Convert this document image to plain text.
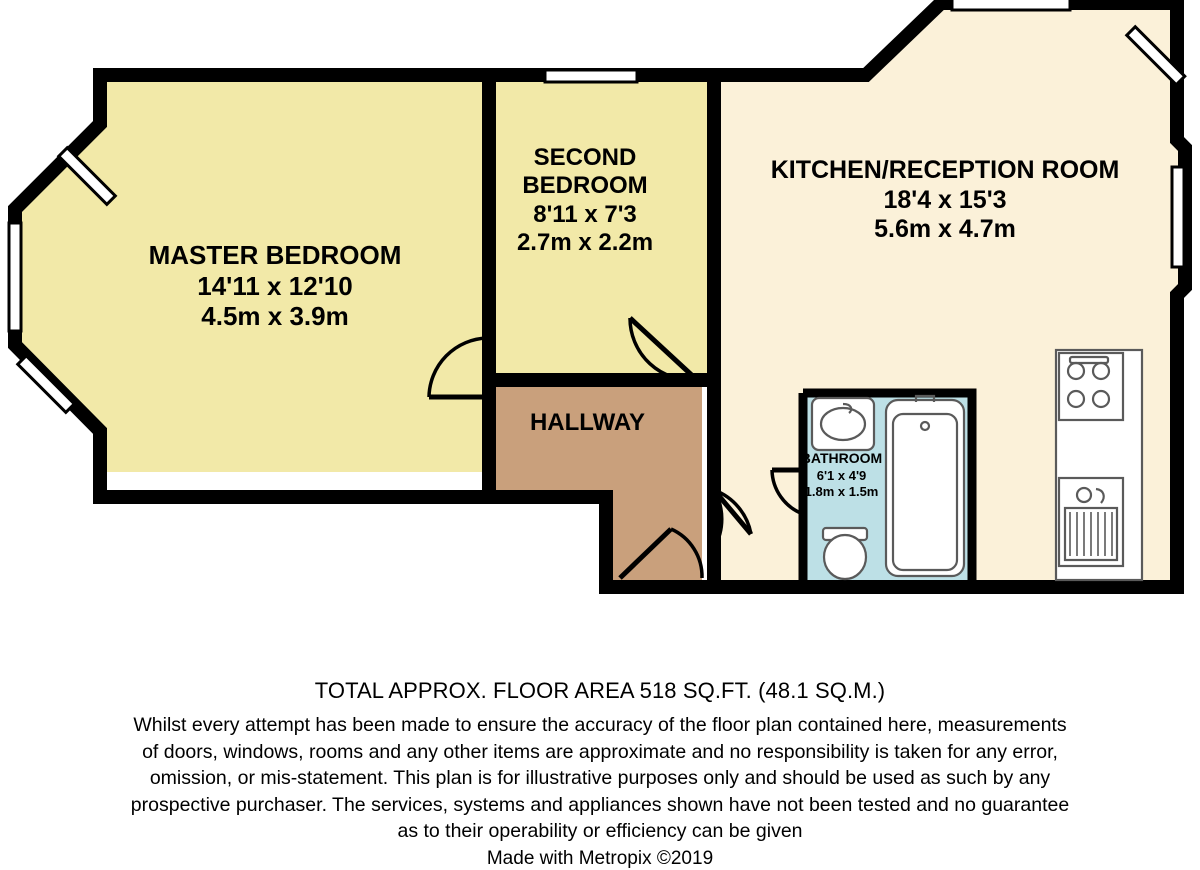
MASTER BEDROOM
14'11 x 12'10
4.5m x 3.9m
SECOND
BEDROOM
8'11 x 7'3
2.7m x 2.2m
KITCHEN/RECEPTION ROOM
18'4 x 15'3
5.6m x 4.7m
HALLWAY
BATHROOM
6'1 x 4'9
1.8m x 1.5m
TOTAL APPROX. FLOOR AREA 518 SQ.FT. (48.1 SQ.M.)
Whilst every attempt has been made to ensure the accuracy of the floor plan contained here, measurements
of doors, windows, rooms and any other items are approximate and no responsibility is taken for any error,
omission, or mis-statement. This plan is for illustrative purposes only and should be used as such by any
prospective purchaser. The services, systems and appliances shown have not been tested and no guarantee
as to their operability or efficiency can be given
Made with Metropix ©2019
